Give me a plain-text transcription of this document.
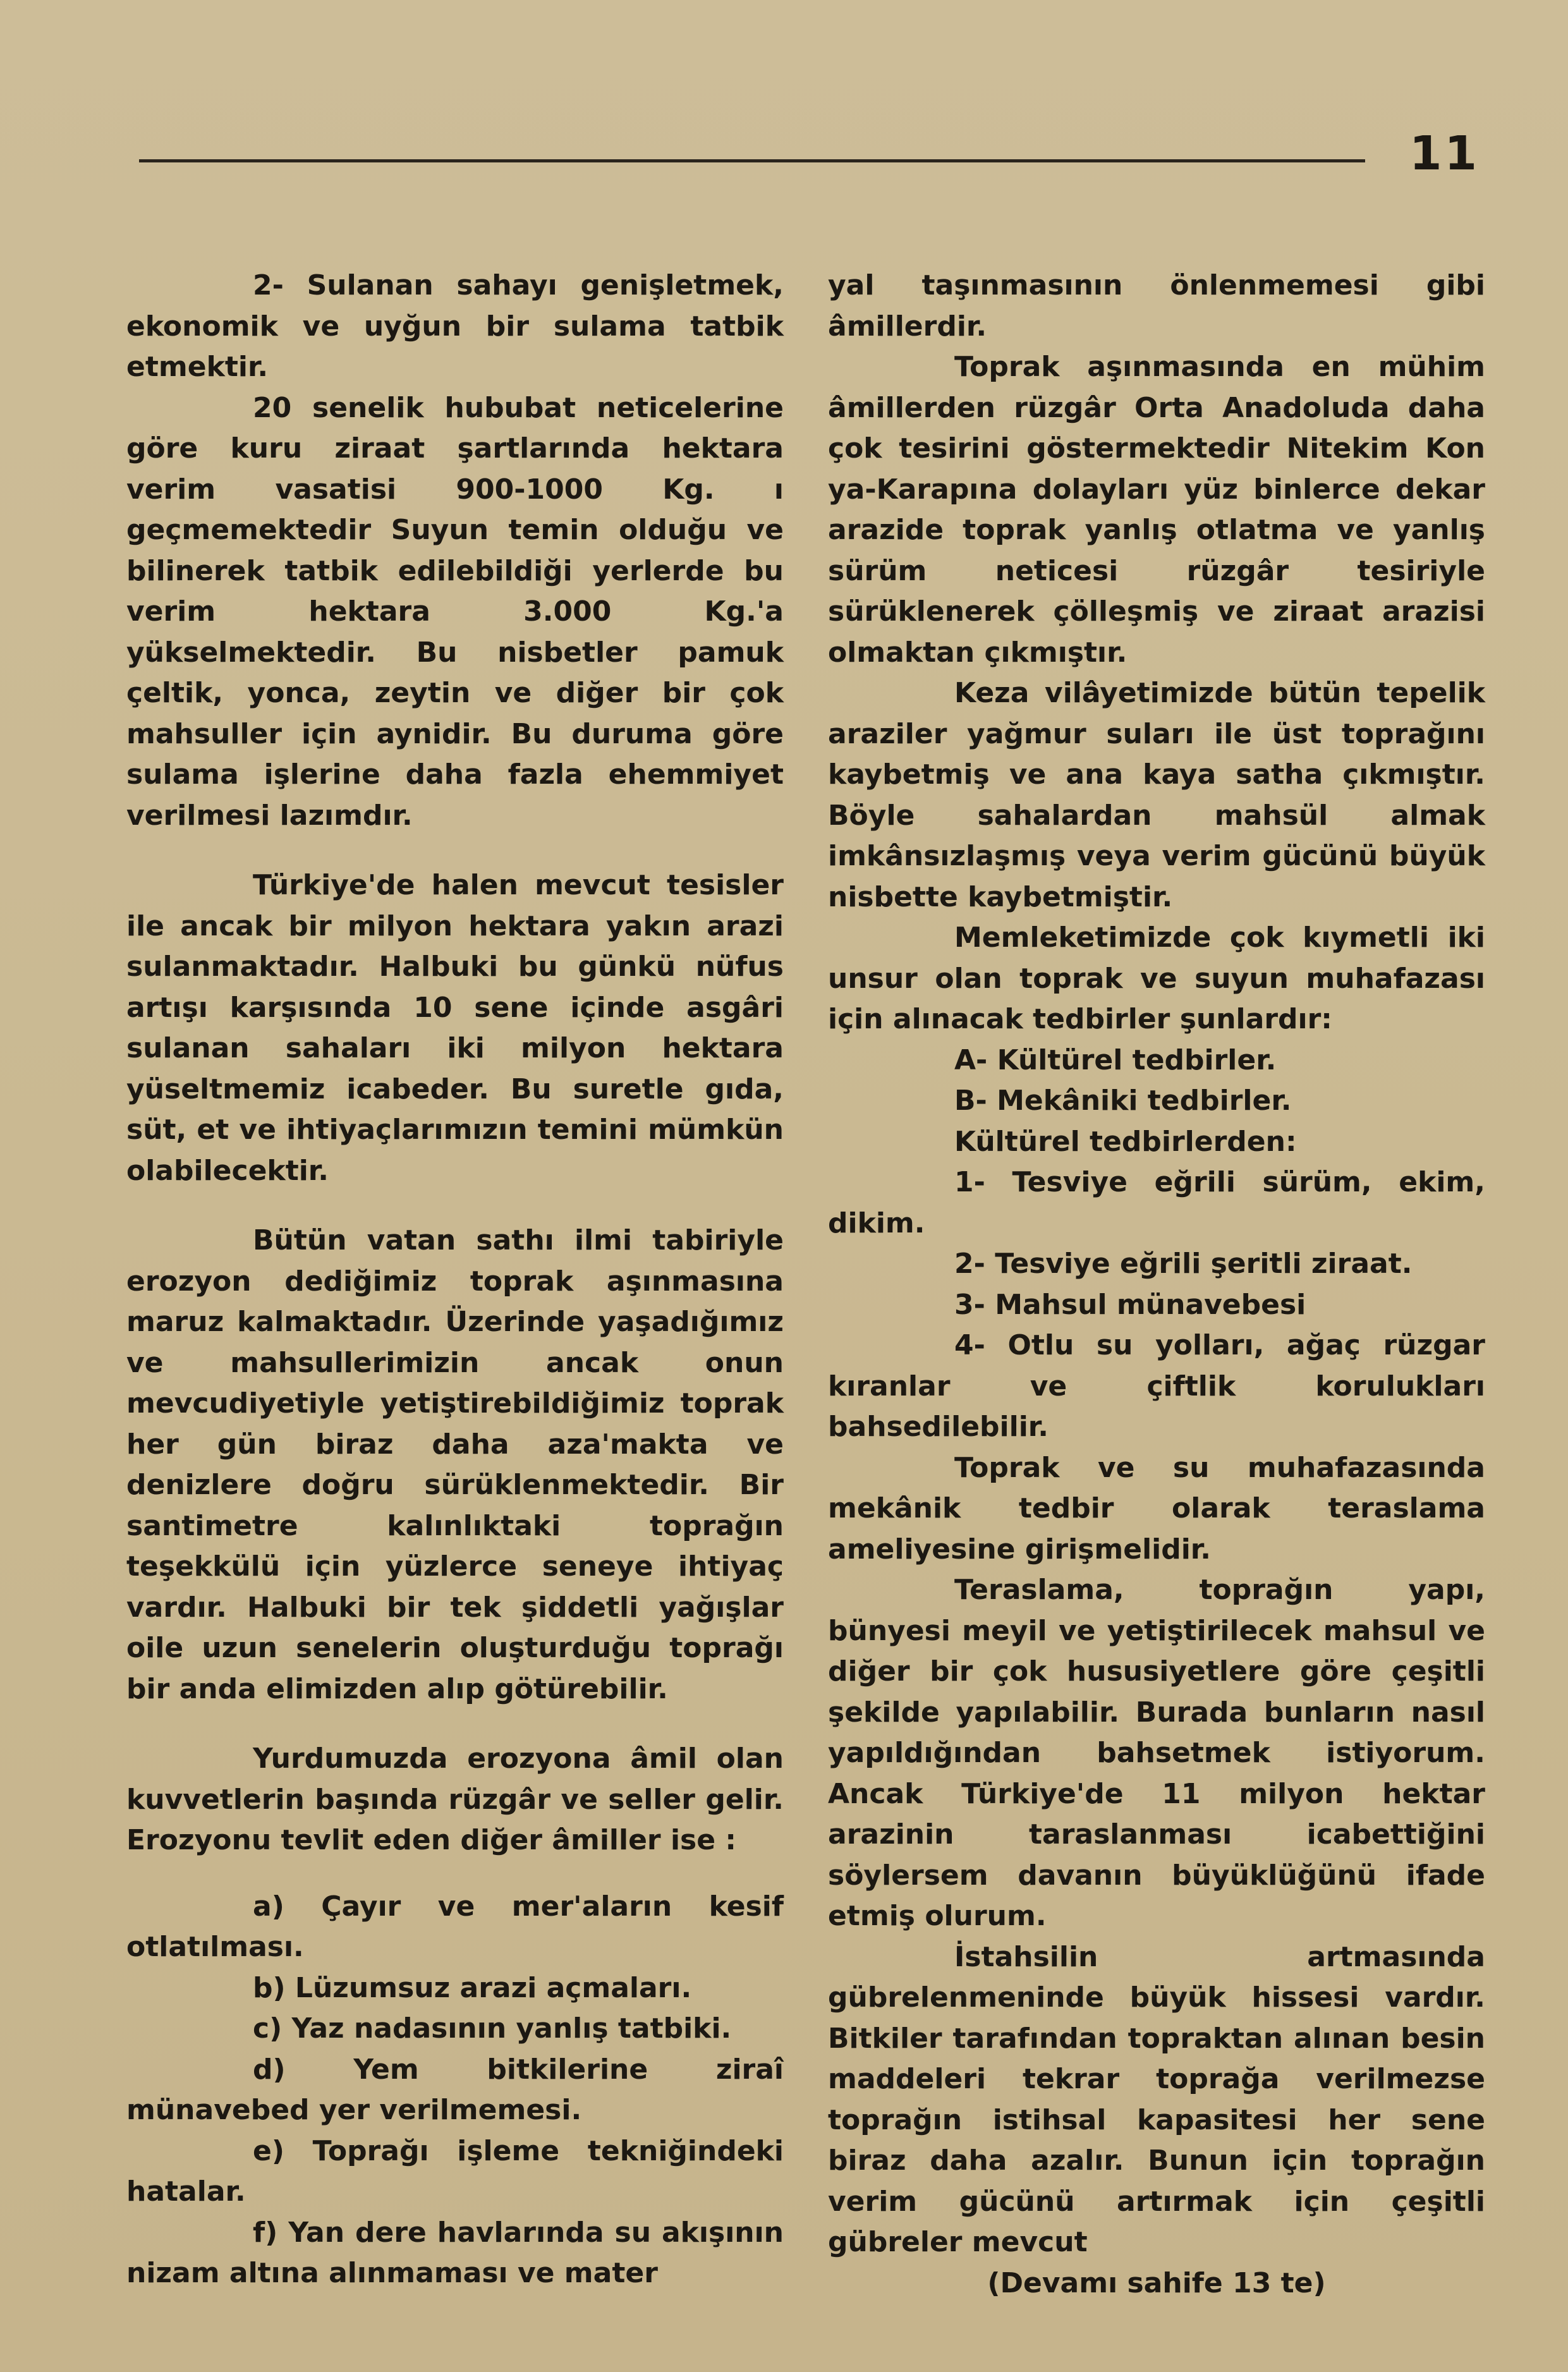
11

2- Sulanan sahayı genişletmek, ekonomik ve uyğun bir sulama tatbik etmektir.

20 senelik hububat neticelerine göre kuru ziraat şartlarında hektara verim vasatisi 900-1000 Kg. ı geçmemektedir Suyun temin olduğu ve bilinerek tatbik edilebildiği yerlerde bu verim hektara 3.000 Kg.'a yükselmektedir. Bu nisbetler pamuk çeltik, yonca, zeytin ve diğer bir çok mahsuller için aynidir. Bu duruma göre sulama işlerine daha fazla ehemmiyet verilmesi lazımdır.

Türkiye'de halen mevcut tesisler ile ancak bir milyon hektara yakın arazi sulanmaktadır. Halbuki bu günkü nüfus artışı karşısında 10 sene içinde asgâri sulanan sahaları iki milyon hektara yüseltmemiz icabeder. Bu suretle gıda, süt, et ve ihtiyaçlarımızın temini mümkün olabilecektir.

Bütün vatan sathı ilmi tabiriyle erozyon dediğimiz toprak aşınmasına maruz kalmaktadır. Üzerinde yaşadığımız ve mahsullerimizin ancak onun mevcudiyetiyle yetiştirebildiğimiz toprak her gün biraz daha aza'makta ve denizlere doğru sürüklenmektedir. Bir santimetre kalınlıktaki toprağın teşekkülü için yüzlerce seneye ihtiyaç vardır. Halbuki bir tek şiddetli yağışlar oile uzun senelerin oluşturduğu toprağı bir anda elimizden alıp götürebilir.

Yurdumuzda erozyona âmil olan kuvvetlerin başında rüzgâr ve seller gelir. Erozyonu tevlit eden diğer âmiller ise :

a) Çayır ve mer'aların kesif otlatılması.

b) Lüzumsuz arazi açmaları.

c) Yaz nadasının yanlış tatbiki.

d) Yem bitkilerine ziraî münavebed yer verilmemesi.

e) Toprağı işleme tekniğindeki hatalar.

f) Yan dere havlarında su akışının nizam altına alınmaması ve mater

yal taşınmasının önlenmemesi gibi âmillerdir.

Toprak aşınmasında en mühim âmillerden rüzgâr Orta Anadoluda daha çok tesirini göstermektedir Nitekim Kon ya-Karapına dolayları yüz binlerce dekar arazide toprak yanlış otlatma ve yanlış sürüm neticesi rüzgâr tesiriyle sürüklenerek çölleşmiş ve ziraat arazisi olmaktan çıkmıştır.

Keza vilâyetimizde bütün tepelik araziler yağmur suları ile üst toprağını kaybetmiş ve ana kaya satha çıkmıştır. Böyle sahalardan mahsül almak imkânsızlaşmış veya verim gücünü büyük nisbette kaybetmiştir.

Memleketimizde çok kıymetli iki unsur olan toprak ve suyun muhafazası için alınacak tedbirler şunlardır:

A- Kültürel tedbirler.

B- Mekâniki tedbirler.

Kültürel tedbirlerden:

1- Tesviye eğrili sürüm, ekim, dikim.

2- Tesviye eğrili şeritli ziraat.

3- Mahsul münavebesi

4- Otlu su yolları, ağaç rüzgar kıranlar ve çiftlik korulukları bahsedilebilir.

Toprak ve su muhafazasında mekânik tedbir olarak teraslama ameliyesine girişmelidir.

Teraslama, toprağın yapı, bünyesi meyil ve yetiştirilecek mahsul ve diğer bir çok hususiyetlere göre çeşitli şekilde yapılabilir. Burada bunların nasıl yapıldığından bahsetmek istiyorum. Ancak Türkiye'de 11 milyon hektar arazinin taraslanması icabettiğini söylersem davanın büyüklüğünü ifade etmiş olurum.

İstahsilin artmasında gübrelenmeninde büyük hissesi vardır. Bitkiler tarafından topraktan alınan besin maddeleri tekrar toprağa verilmezse toprağın istihsal kapasitesi her sene biraz daha azalır. Bunun için toprağın verim gücünü artırmak için çeşitli gübreler mevcut

(Devamı sahife 13 te)
